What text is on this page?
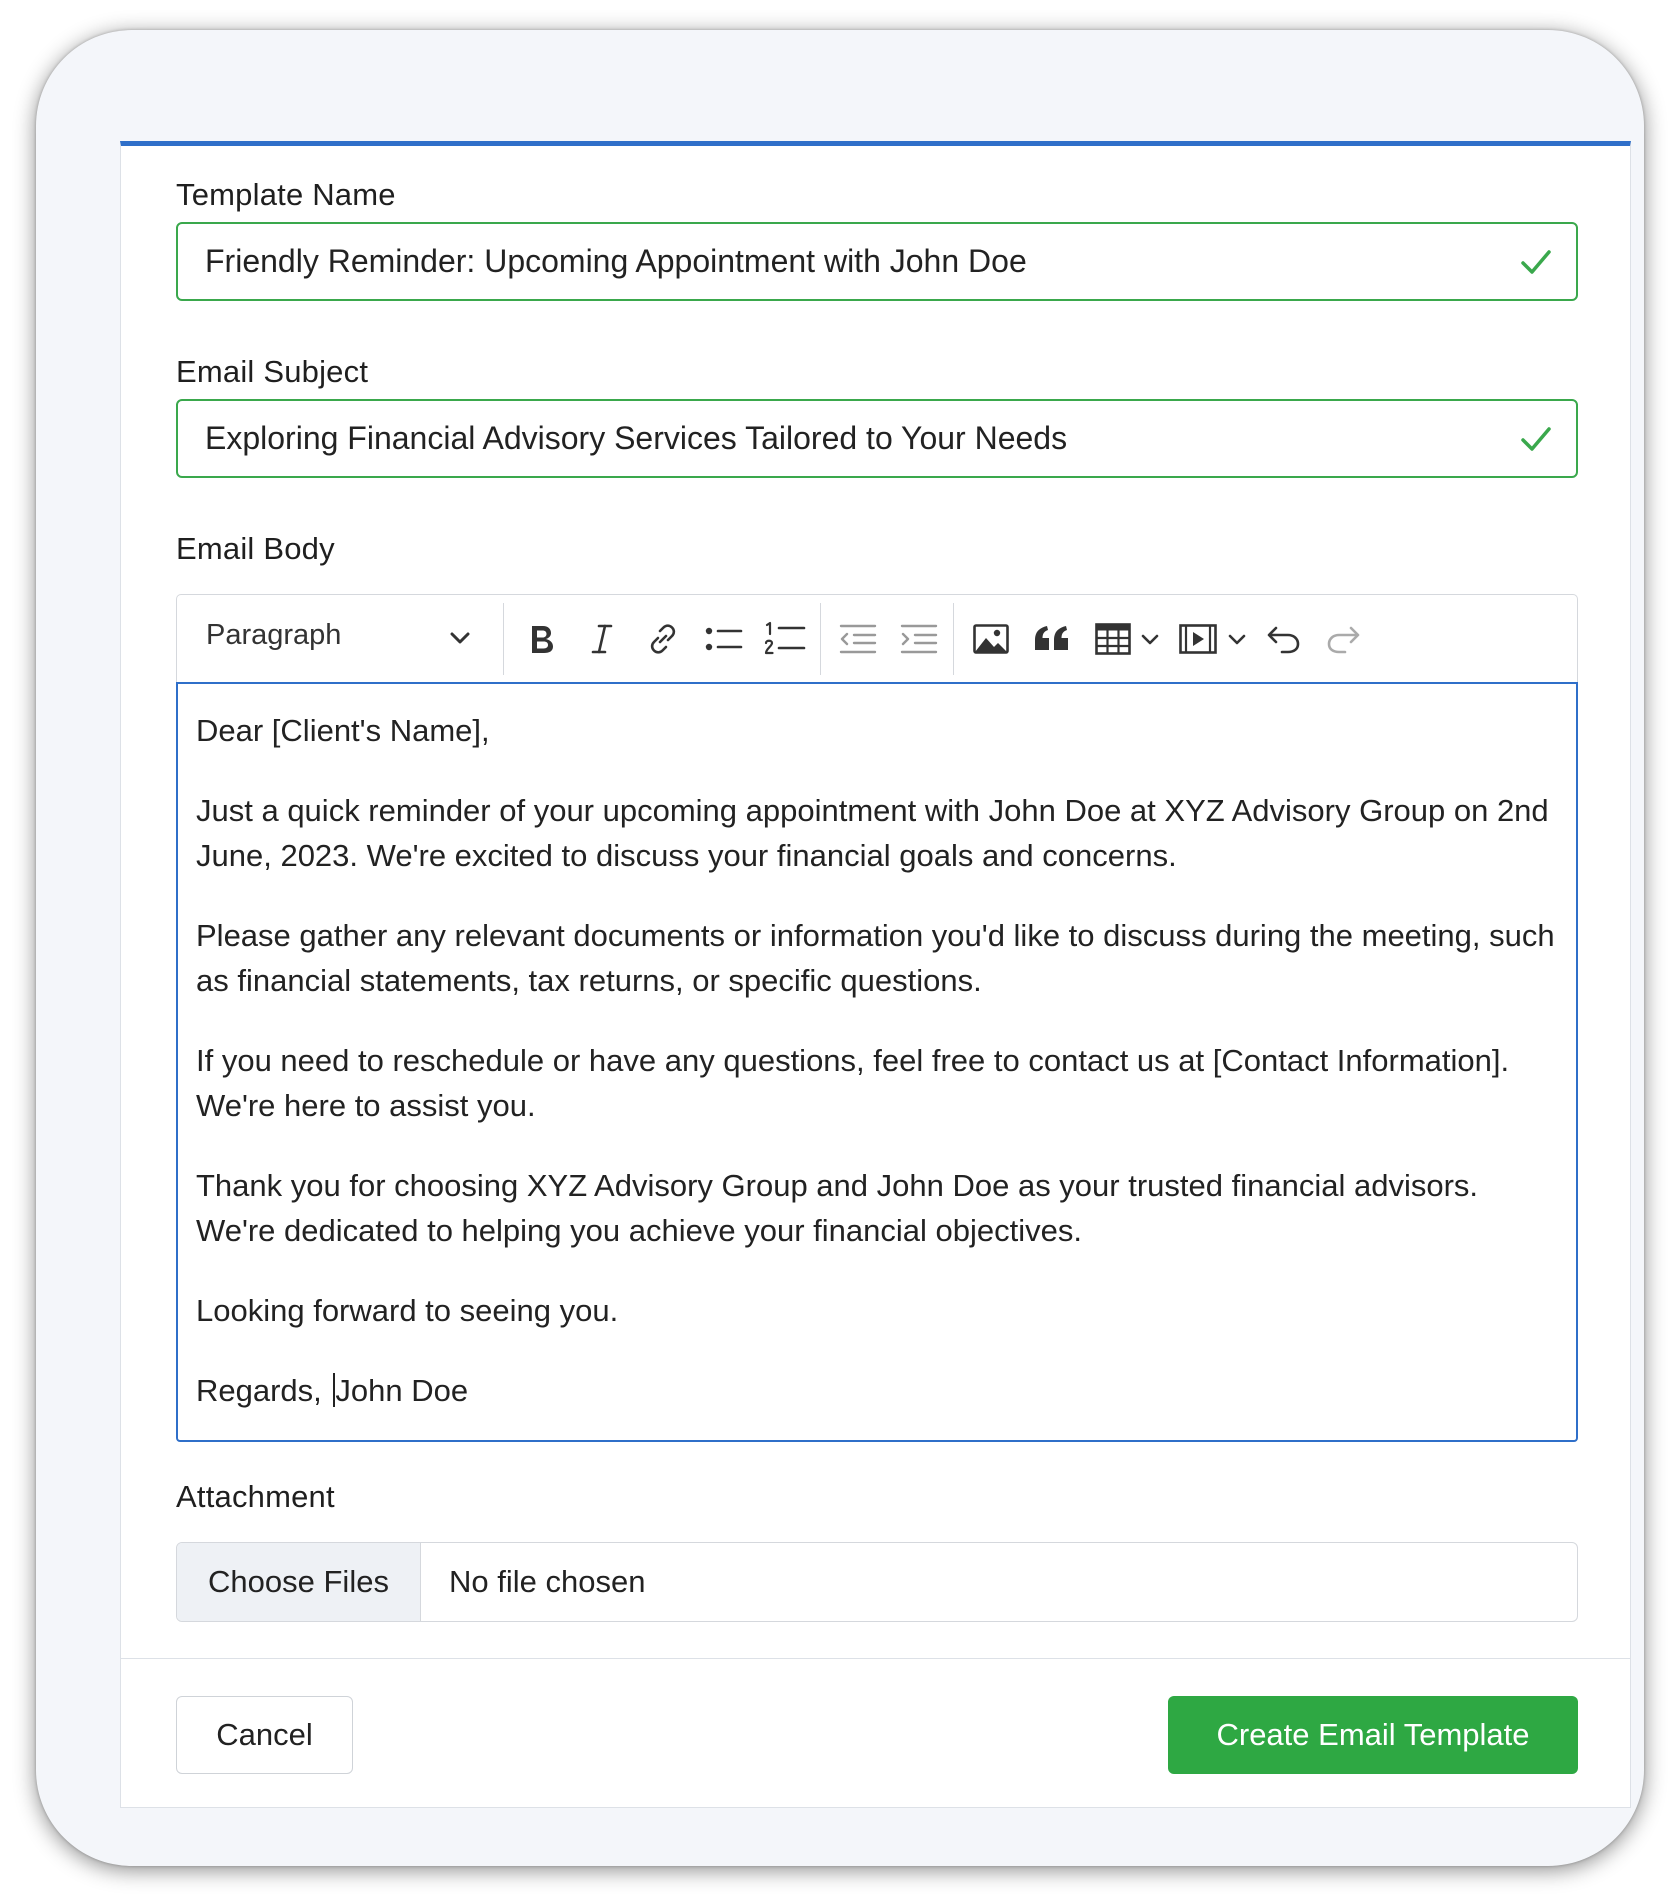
Template Name
Friendly Reminder: Upcoming Appointment with John Doe
Email Subject
Exploring Financial Advisory Services Tailored to Your Needs
Email Body
Paragraph

Dear [Client's Name],

Just a quick reminder of your upcoming appointment with John Doe at XYZ Advisory Group on 2nd June, 2023. We're excited to discuss your financial goals and concerns.

Please gather any relevant documents or information you'd like to discuss during the meeting, such as financial statements, tax returns, or specific questions.

If you need to reschedule or have any questions, feel free to contact us at [Contact Information]. We're here to assist you.

Thank you for choosing XYZ Advisory Group and John Doe as your trusted financial advisors. We're dedicated to helping you achieve your financial objectives.

Looking forward to seeing you.

Regards, John Doe

Attachment
Choose Files	No file chosen
Cancel	Create Email Template
